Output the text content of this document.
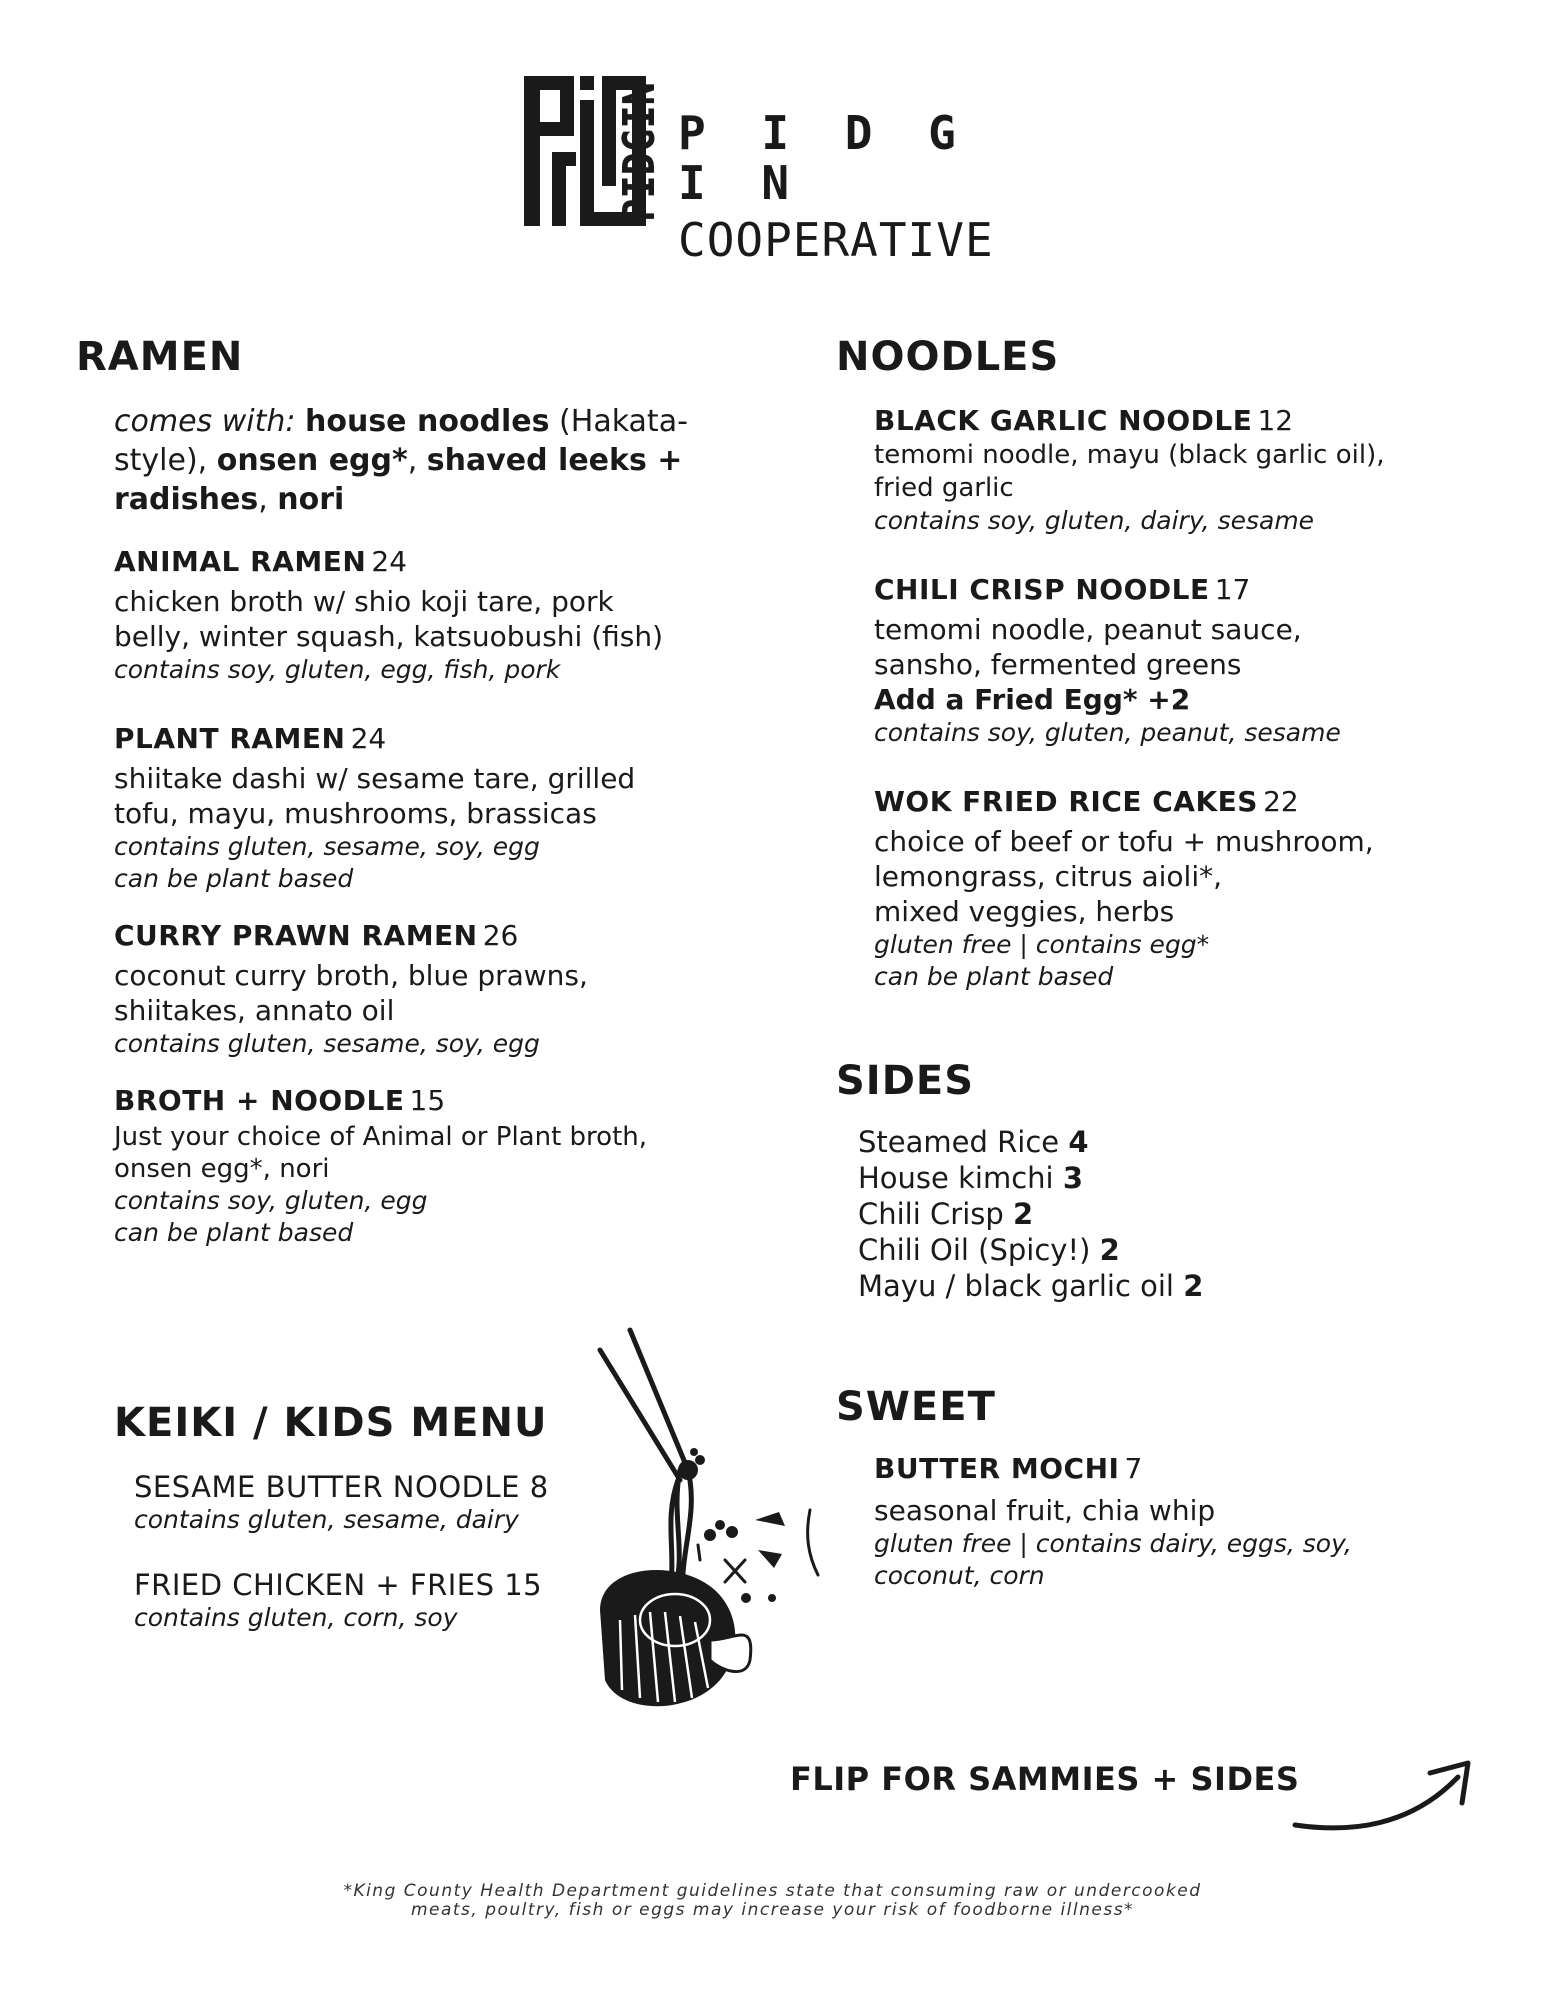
P I D G I N
COOPERATIVE
RAMEN
comes with: house noodles (Hakata-style), onsen egg*, shaved leeks + radishes, nori
ANIMAL RAMEN 24
chicken broth w/ shio koji tare, pork
belly, winter squash, katsuobushi (fish)
contains soy, gluten, egg, fish, pork
PLANT RAMEN 24
shiitake dashi w/ sesame tare, grilled
tofu, mayu, mushrooms, brassicas
contains gluten, sesame, soy, egg
can be plant based
CURRY PRAWN RAMEN 26
coconut curry broth, blue prawns,
shiitakes, annato oil
contains gluten, sesame, soy, egg
BROTH + NOODLE 15
Just your choice of Animal or Plant broth,
onsen egg*, nori
contains soy, gluten, egg
can be plant based
NOODLES
BLACK GARLIC NOODLE 12
temomi noodle, mayu (black garlic oil),
fried garlic
contains soy, gluten, dairy, sesame
CHILI CRISP NOODLE 17
temomi noodle, peanut sauce,
sansho, fermented greens
Add a Fried Egg* +2
contains soy, gluten, peanut, sesame
WOK FRIED RICE CAKES 22
choice of beef or tofu + mushroom,
lemongrass, citrus aioli*,
mixed veggies, herbs
gluten free | contains egg*
can be plant based
SIDES
Steamed Rice 4
House kimchi 3
Chili Crisp 2
Chili Oil (Spicy!) 2
Mayu / black garlic oil 2
KEIKI / KIDS MENU
SESAME BUTTER NOODLE 8
contains gluten, sesame, dairy
FRIED CHICKEN + FRIES 15
contains gluten, corn, soy
SWEET
BUTTER MOCHI 7
seasonal fruit, chia whip
gluten free | contains dairy, eggs, soy,
coconut, corn
FLIP FOR SAMMIES + SIDES
*King County Health Department guidelines state that consuming raw or undercooked
meats, poultry, fish or eggs may increase your risk of foodborne illness*
